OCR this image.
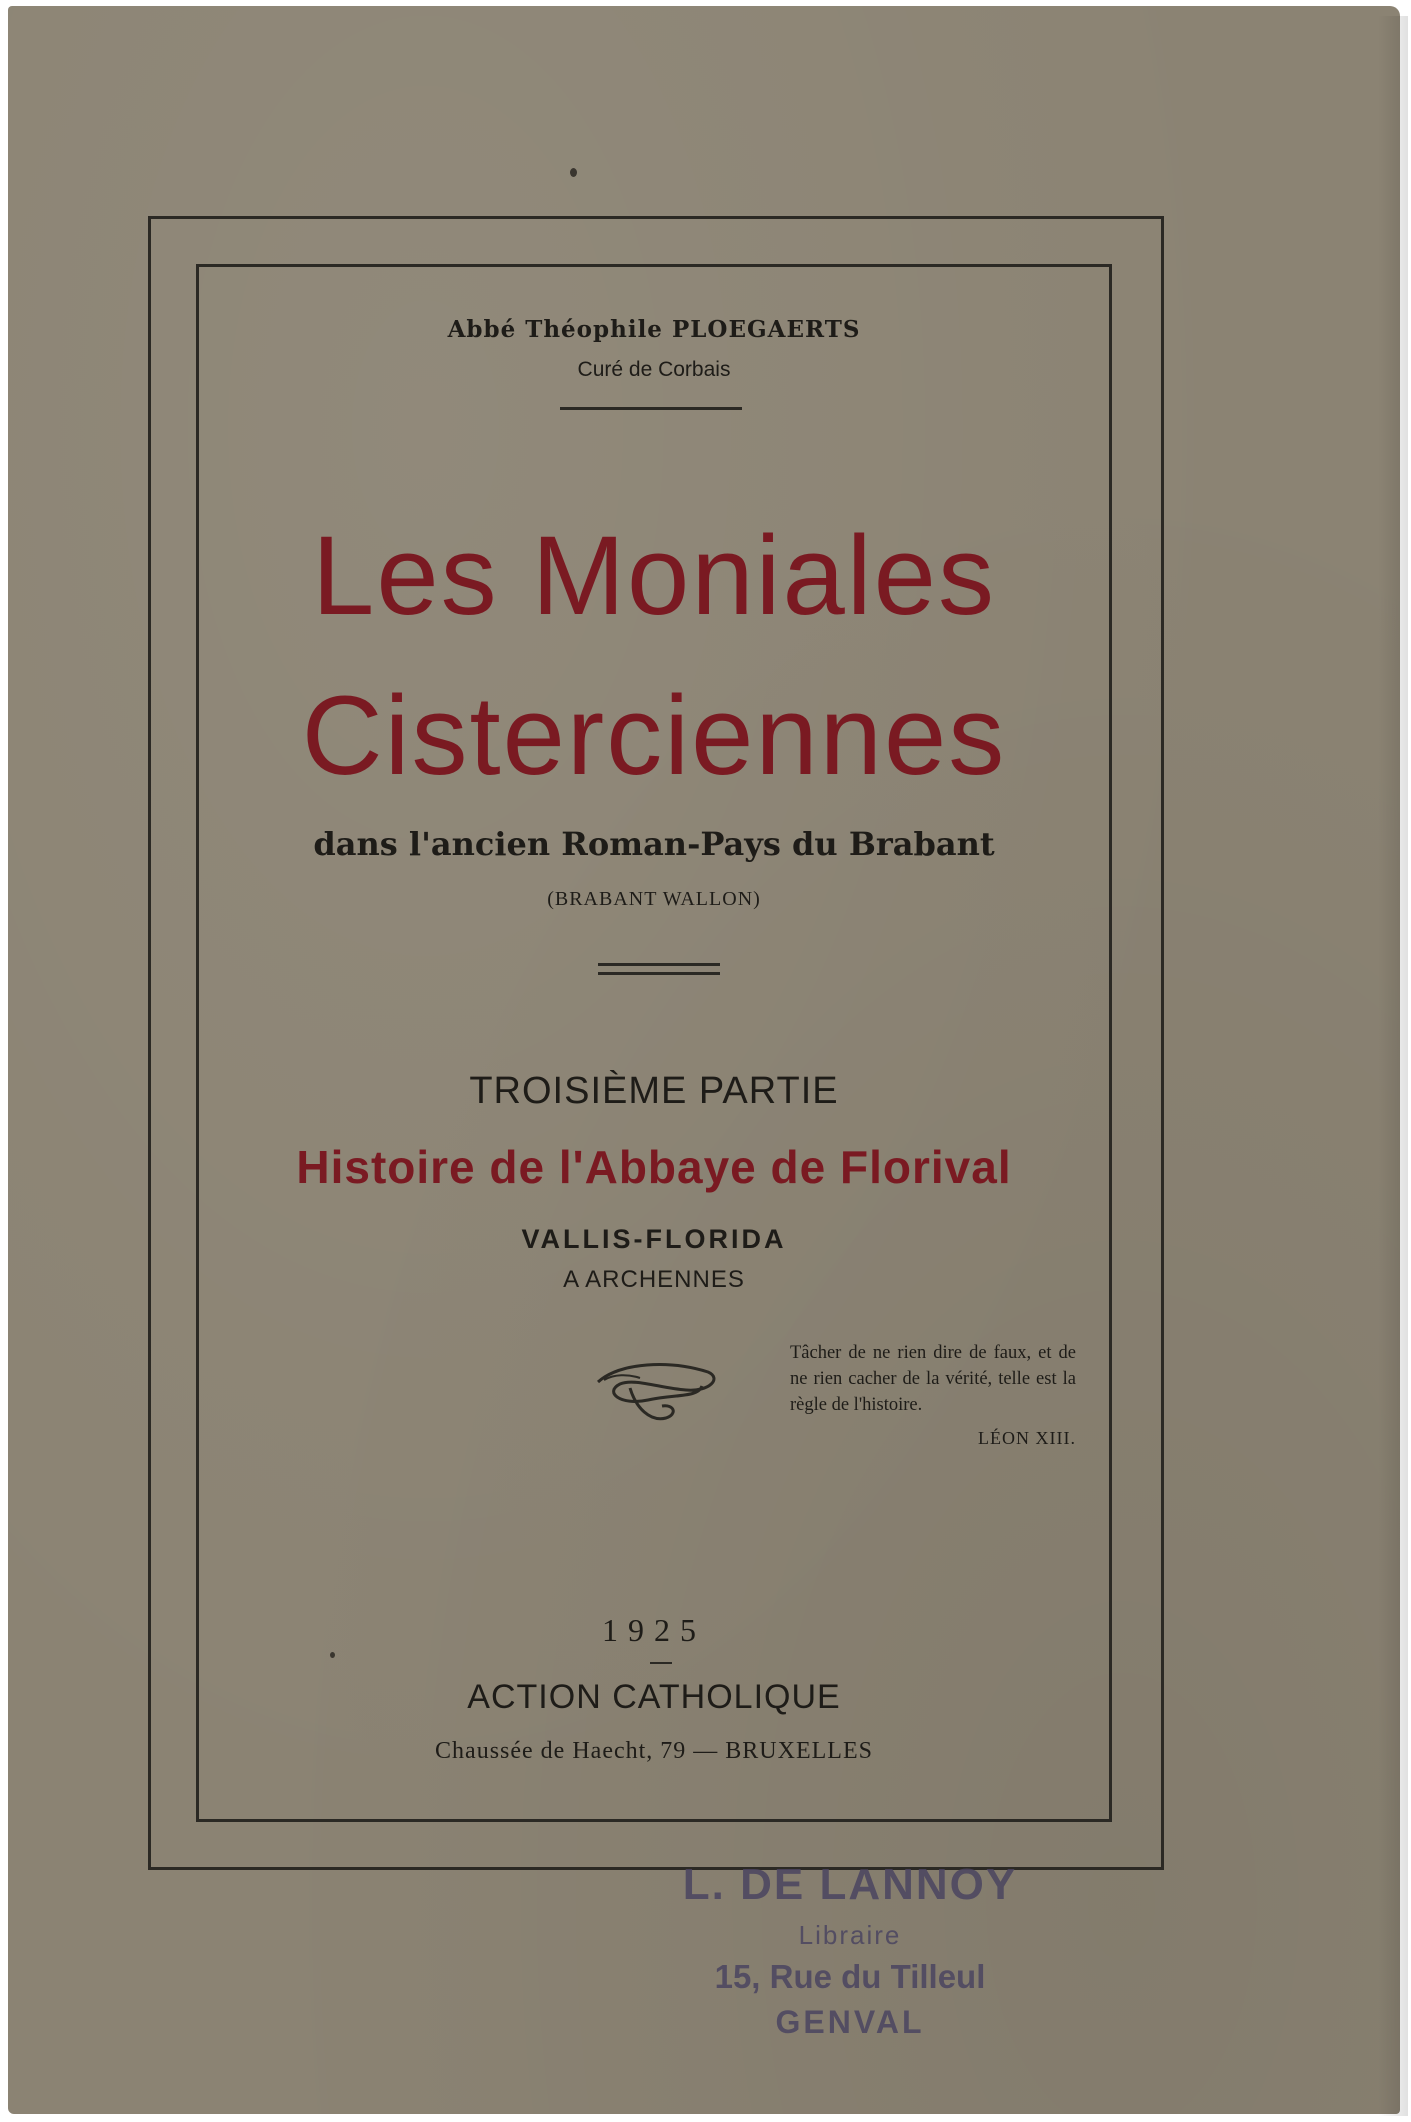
Abbé Théophile PLOEGAERTS

Curé de Corbais

Les Moniales

Cisterciennes

dans l'ancien Roman-Pays du Brabant

(BRABANT WALLON)

TROISIÈME PARTIE

Histoire de l'Abbaye de Florival

VALLIS-FLORIDA

A ARCHENNES

Tâcher de ne rien dire de faux, et de ne rien cacher de la vérité, telle est la règle de l'histoire.

LÉON XIII.

1925

ACTION CATHOLIQUE

Chaussée de Haecht, 79 — BRUXELLES

L. DE LANNOY

Libraire

15, Rue du Tilleul

GENVAL
